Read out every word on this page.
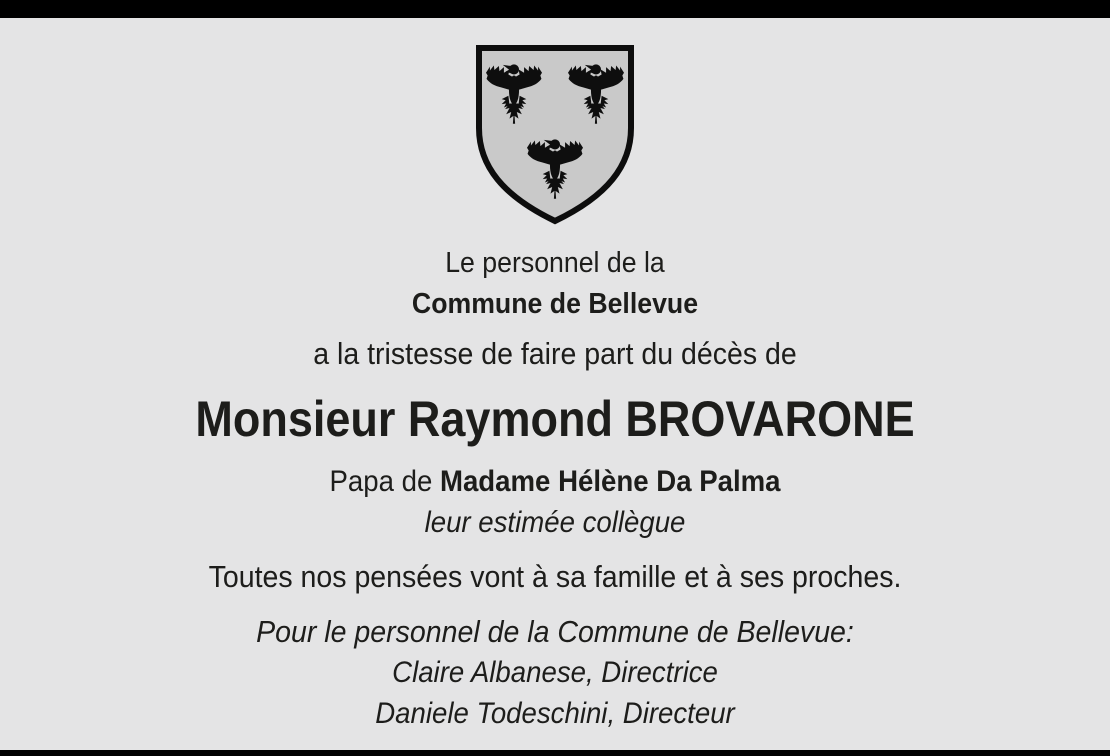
Le personnel de la
Commune de Bellevue
a la tristesse de faire part du décès de
Monsieur Raymond BROVARONE
Papa de Madame Hélène Da Palma
leur estimée collègue
Toutes nos pensées vont à sa famille et à ses proches.
Pour le personnel de la Commune de Bellevue:
Claire Albanese, Directrice
Daniele Todeschini, Directeur
